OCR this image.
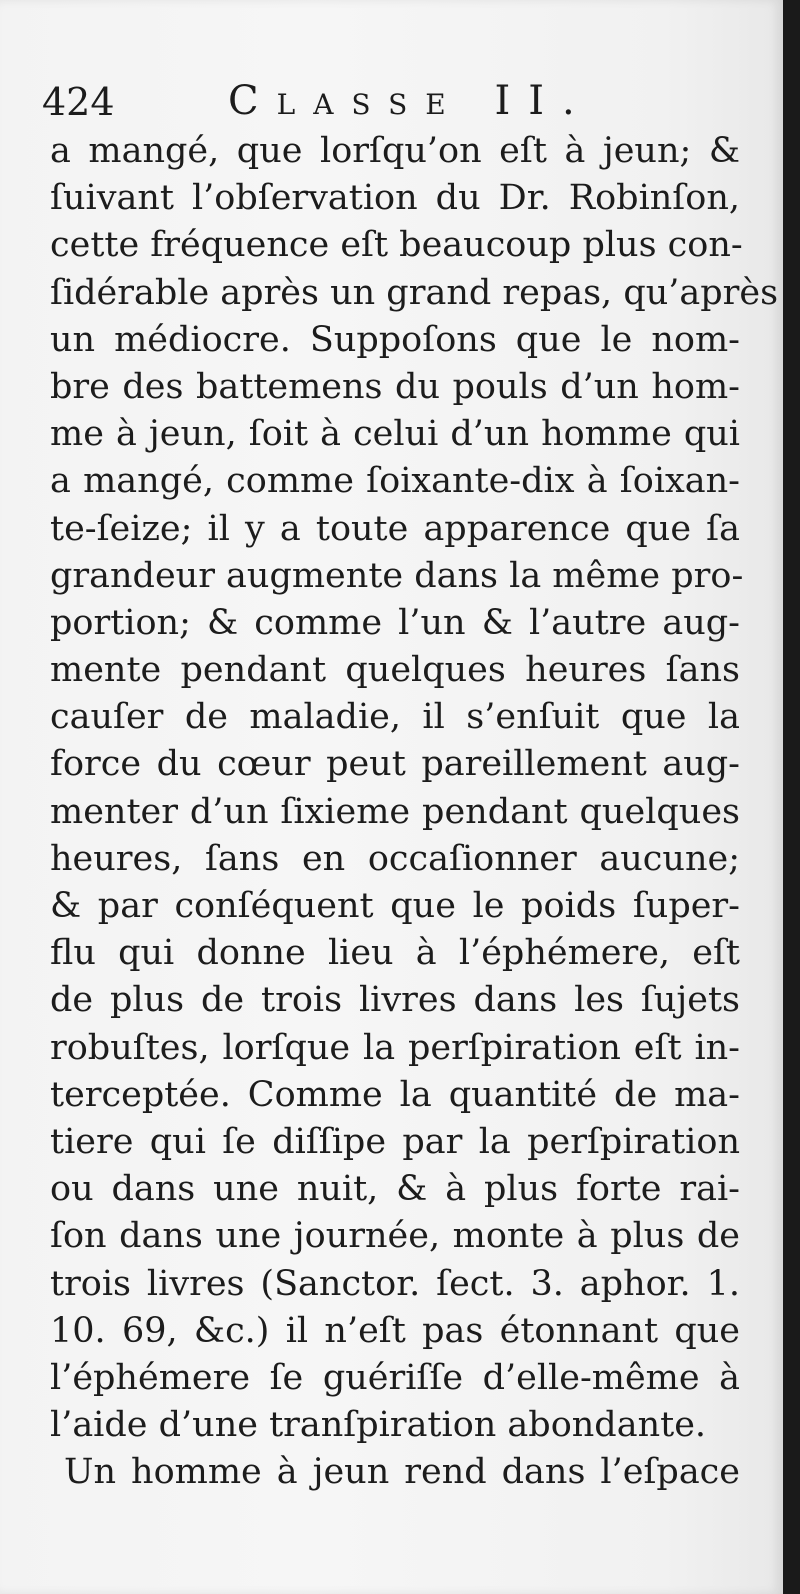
424	Classe II.
a mangé, que lorſqu’on eſt à jeun; &
ſuivant l’obſervation du Dr. Robinſon,
cette fréquence eſt beaucoup plus con-
ſidérable après un grand repas, qu’après
un médiocre. Suppoſons que le nom-
bre des battemens du pouls d’un hom-
me à jeun, ſoit à celui d’un homme qui
a mangé, comme ſoixante-dix à ſoixan-
te-ſeize; il y a toute apparence que ſa
grandeur augmente dans la même pro-
portion; & comme l’un & l’autre aug-
mente pendant quelques heures ſans
cauſer de maladie, il s’enſuit que la
force du cœur peut pareillement aug-
menter d’un ſixieme pendant quelques
heures, ſans en occaſionner aucune;
& par conſéquent que le poids ſuper-
flu qui donne lieu à l’éphémere, eſt
de plus de trois livres dans les ſujets
robuſtes, lorſque la perſpiration eſt in-
terceptée. Comme la quantité de ma-
tiere qui ſe diſſipe par la perſpiration
ou dans une nuit, & à plus forte rai-
ſon dans une journée, monte à plus de
trois livres (Sanctor. ſect. 3. aphor. 1.
10. 69, &c.) il n’eſt pas étonnant que
l’éphémere ſe guériſſe d’elle-même à
l’aide d’une tranſpiration abondante.
Un homme à jeun rend dans l’eſpace
